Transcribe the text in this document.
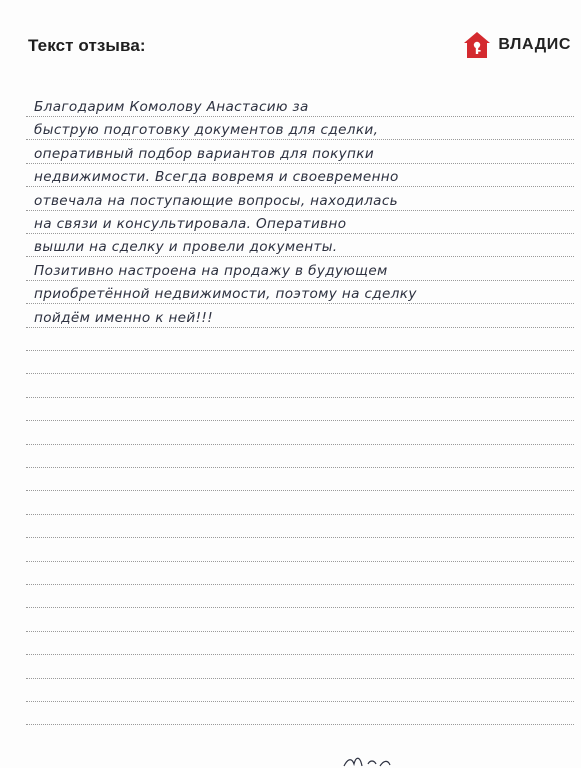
Текст отзыва:	ВЛАДИС
Благодарим Комолову Анастасию за
быструю подготовку документов для сделки,
оперативный подбор вариантов для покупки
недвижимости. Всегда вовремя и своевременно
отвечала на поступающие вопросы, находилась
на связи и консультировала. Оперативно
вышли на сделку и провели документы.
Позитивно настроена на продажу в будующем
приобретённой недвижимости, поэтому на сделку
пойдём именно к ней!!!
